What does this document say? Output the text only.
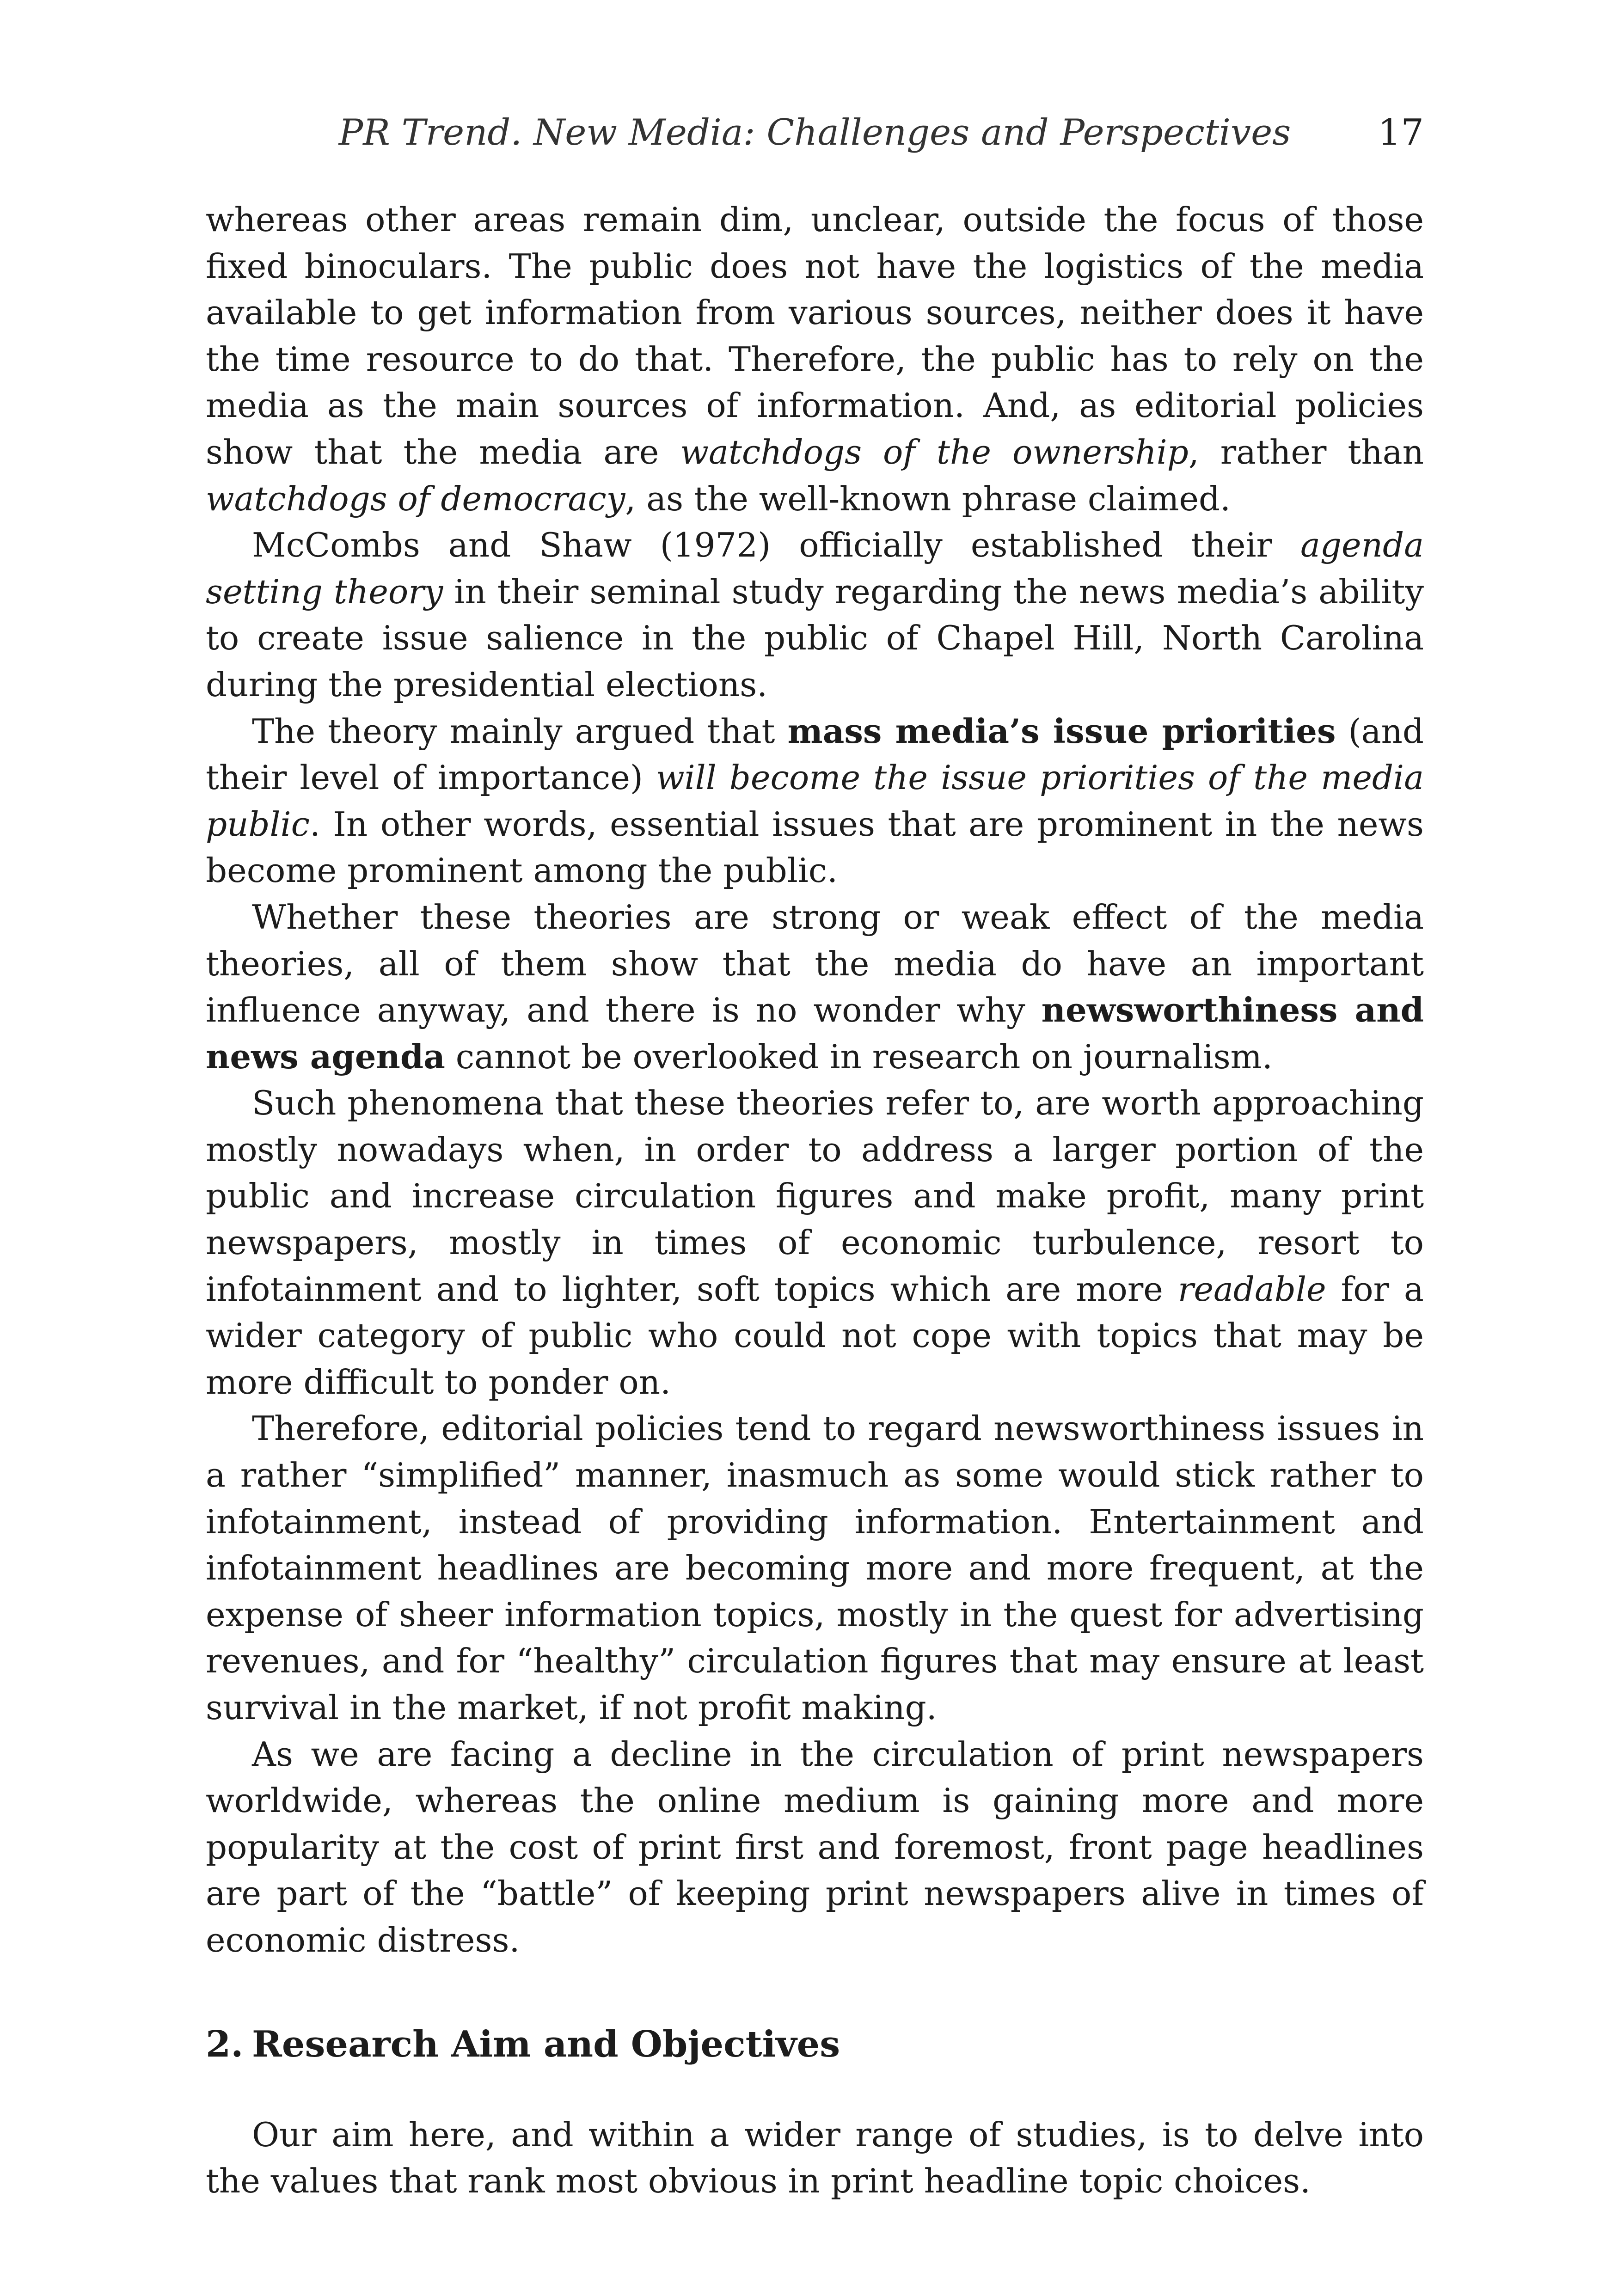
PR Trend. New Media: Challenges and Perspectives	17

whereas other areas remain dim, unclear, outside the focus of those fixed binoculars. The public does not have the logistics of the media available to get information from various sources, neither does it have the time resource to do that. Therefore, the public has to rely on the media as the main sources of information. And, as editorial policies show that the media are watchdogs of the ownership, rather than watchdogs of democracy, as the well-known phrase claimed.

McCombs and Shaw (1972) officially established their agenda setting theory in their seminal study regarding the news media’s ability to create issue salience in the public of Chapel Hill, North Carolina during the presidential elections.

The theory mainly argued that mass media’s issue priorities (and their level of importance) will become the issue priorities of the media public. In other words, essential issues that are prominent in the news become prominent among the public.

Whether these theories are strong or weak effect of the media theories, all of them show that the media do have an important influence anyway, and there is no wonder why newsworthiness and news agenda cannot be overlooked in research on journalism.

Such phenomena that these theories refer to, are worth approaching mostly nowadays when, in order to address a larger portion of the public and increase circulation figures and make profit, many print newspapers, mostly in times of economic turbulence, resort to infotainment and to lighter, soft topics which are more readable for a wider category of public who could not cope with topics that may be more difficult to ponder on.

Therefore, editorial policies tend to regard newsworthiness issues in a rather “simplified” manner, inasmuch as some would stick rather to infotainment, instead of providing information. Entertainment and infotainment headlines are becoming more and more frequent, at the expense of sheer information topics, mostly in the quest for advertising revenues, and for “healthy” circulation figures that may ensure at least survival in the market, if not profit making.

As we are facing a decline in the circulation of print newspapers worldwide, whereas the online medium is gaining more and more popularity at the cost of print first and foremost, front page headlines are part of the “battle” of keeping print newspapers alive in times of economic distress.

2. Research Aim and Objectives

Our aim here, and within a wider range of studies, is to delve into the values that rank most obvious in print headline topic choices.
